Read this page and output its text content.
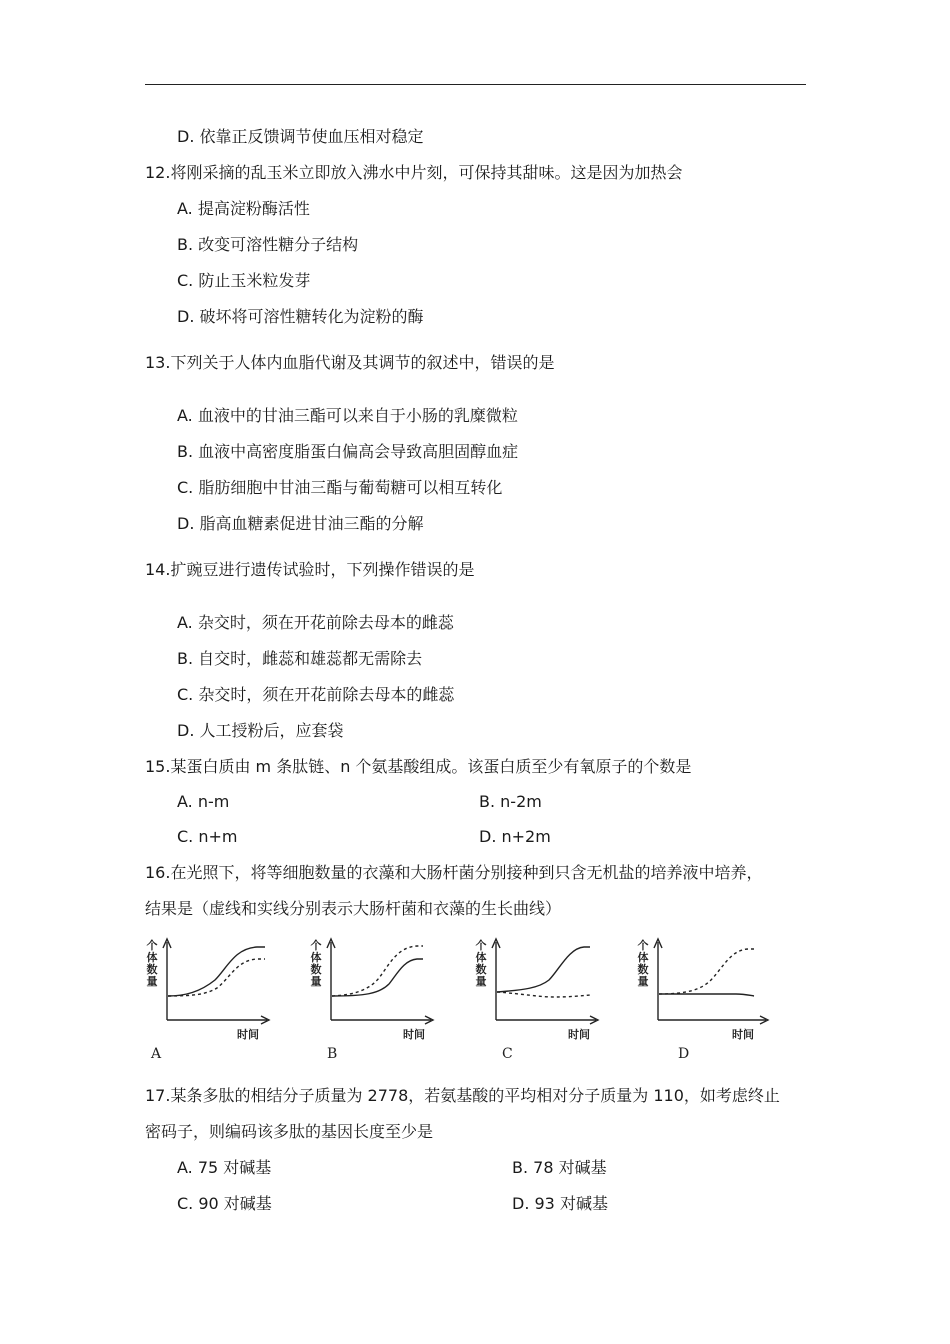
D. 依靠正反馈调节使血压相对稳定
12.将刚采摘的乱玉米立即放入沸水中片刻，可保持其甜味。这是因为加热会
A. 提高淀粉酶活性
B. 改变可溶性糖分子结构
C. 防止玉米粒发芽
D. 破坏将可溶性糖转化为淀粉的酶
13.下列关于人体内血脂代谢及其调节的叙述中，错误的是
A. 血液中的甘油三酯可以来自于小肠的乳糜微粒
B. 血液中高密度脂蛋白偏高会导致高胆固醇血症
C. 脂肪细胞中甘油三酯与葡萄糖可以相互转化
D. 脂高血糖素促进甘油三酯的分解
14.扩豌豆进行遗传试验时，下列操作错误的是
A. 杂交时，须在开花前除去母本的雌蕊
B. 自交时，雌蕊和雄蕊都无需除去
C. 杂交时，须在开花前除去母本的雌蕊
D. 人工授粉后，应套袋
15.某蛋白质由 m 条肽链、n 个氨基酸组成。该蛋白质至少有氧原子的个数是
A. n-m	B. n-2m
C. n+m	D. n+2m
16.在光照下，将等细胞数量的衣藻和大肠杆菌分别接种到只含无机盐的培养液中培养，
结果是（虚线和实线分别表示大肠杆菌和衣藻的生长曲线）
个
体
数
量
时间
A
个
体
数
量
时间
B
个
体
数
量
时间
C
个
体
数
量
时间
D
17.某条多肽的相结分子质量为 2778，若氨基酸的平均相对分子质量为 110，如考虑终止
密码子，则编码该多肽的基因长度至少是
A. 75 对碱基	B. 78 对碱基
C. 90 对碱基	D. 93 对碱基
